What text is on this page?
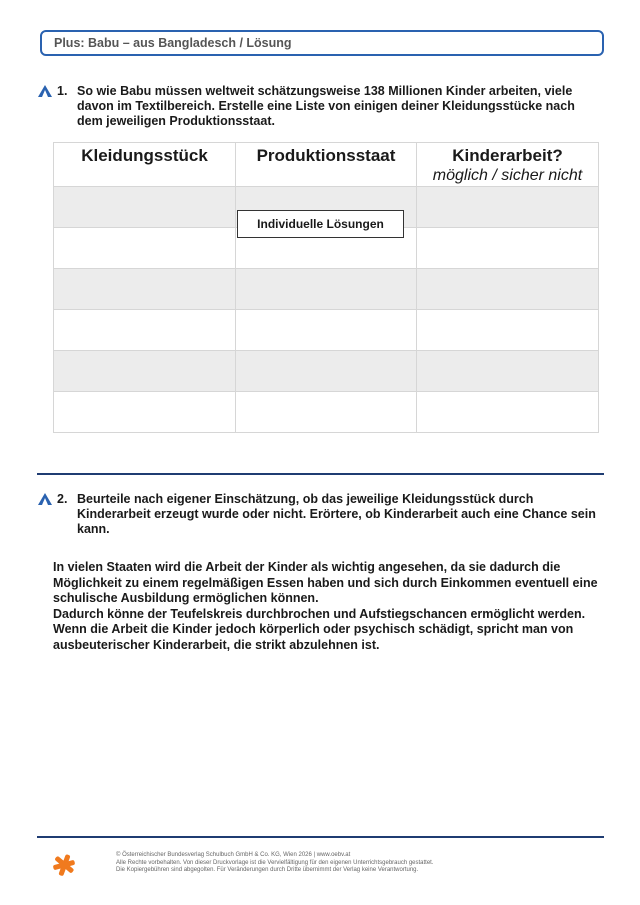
Plus: Babu – aus Bangladesch / Lösung
1. So wie Babu müssen weltweit schätzungsweise 138 Millionen Kinder arbeiten, viele davon im Textilbereich. Erstelle eine Liste von einigen deiner Kleidungsstücke nach dem jeweiligen Produktionsstaat.
Kleidungsstück	Produktionsstaat	Kinderarbeit?
möglich / sicher nicht

Individuelle Lösungen
2. Beurteile nach eigener Einschätzung, ob das jeweilige Kleidungsstück durch Kinderarbeit erzeugt wurde oder nicht. Erörtere, ob Kinderarbeit auch eine Chance sein kann.

In vielen Staaten wird die Arbeit der Kinder als wichtig angesehen, da sie dadurch die Möglichkeit zu einem regelmäßigen Essen haben und sich durch Einkommen eventuell eine schulische Ausbildung ermöglichen können.

Dadurch könne der Teufelskreis durchbrochen und Aufstiegschancen ermöglicht werden. Wenn die Arbeit die Kinder jedoch körperlich oder psychisch schädigt, spricht man von ausbeuterischer Kinderarbeit, die strikt abzulehnen ist.

© Österreichischer Bundesverlag Schulbuch GmbH & Co. KG, Wien 2026 | www.oebv.at
Alle Rechte vorbehalten. Von dieser Druckvorlage ist die Vervielfältigung für den eigenen Unterrichtsgebrauch gestattet.
Die Kopiergebühren sind abgegolten. Für Veränderungen durch Dritte übernimmt der Verlag keine Verantwortung.
